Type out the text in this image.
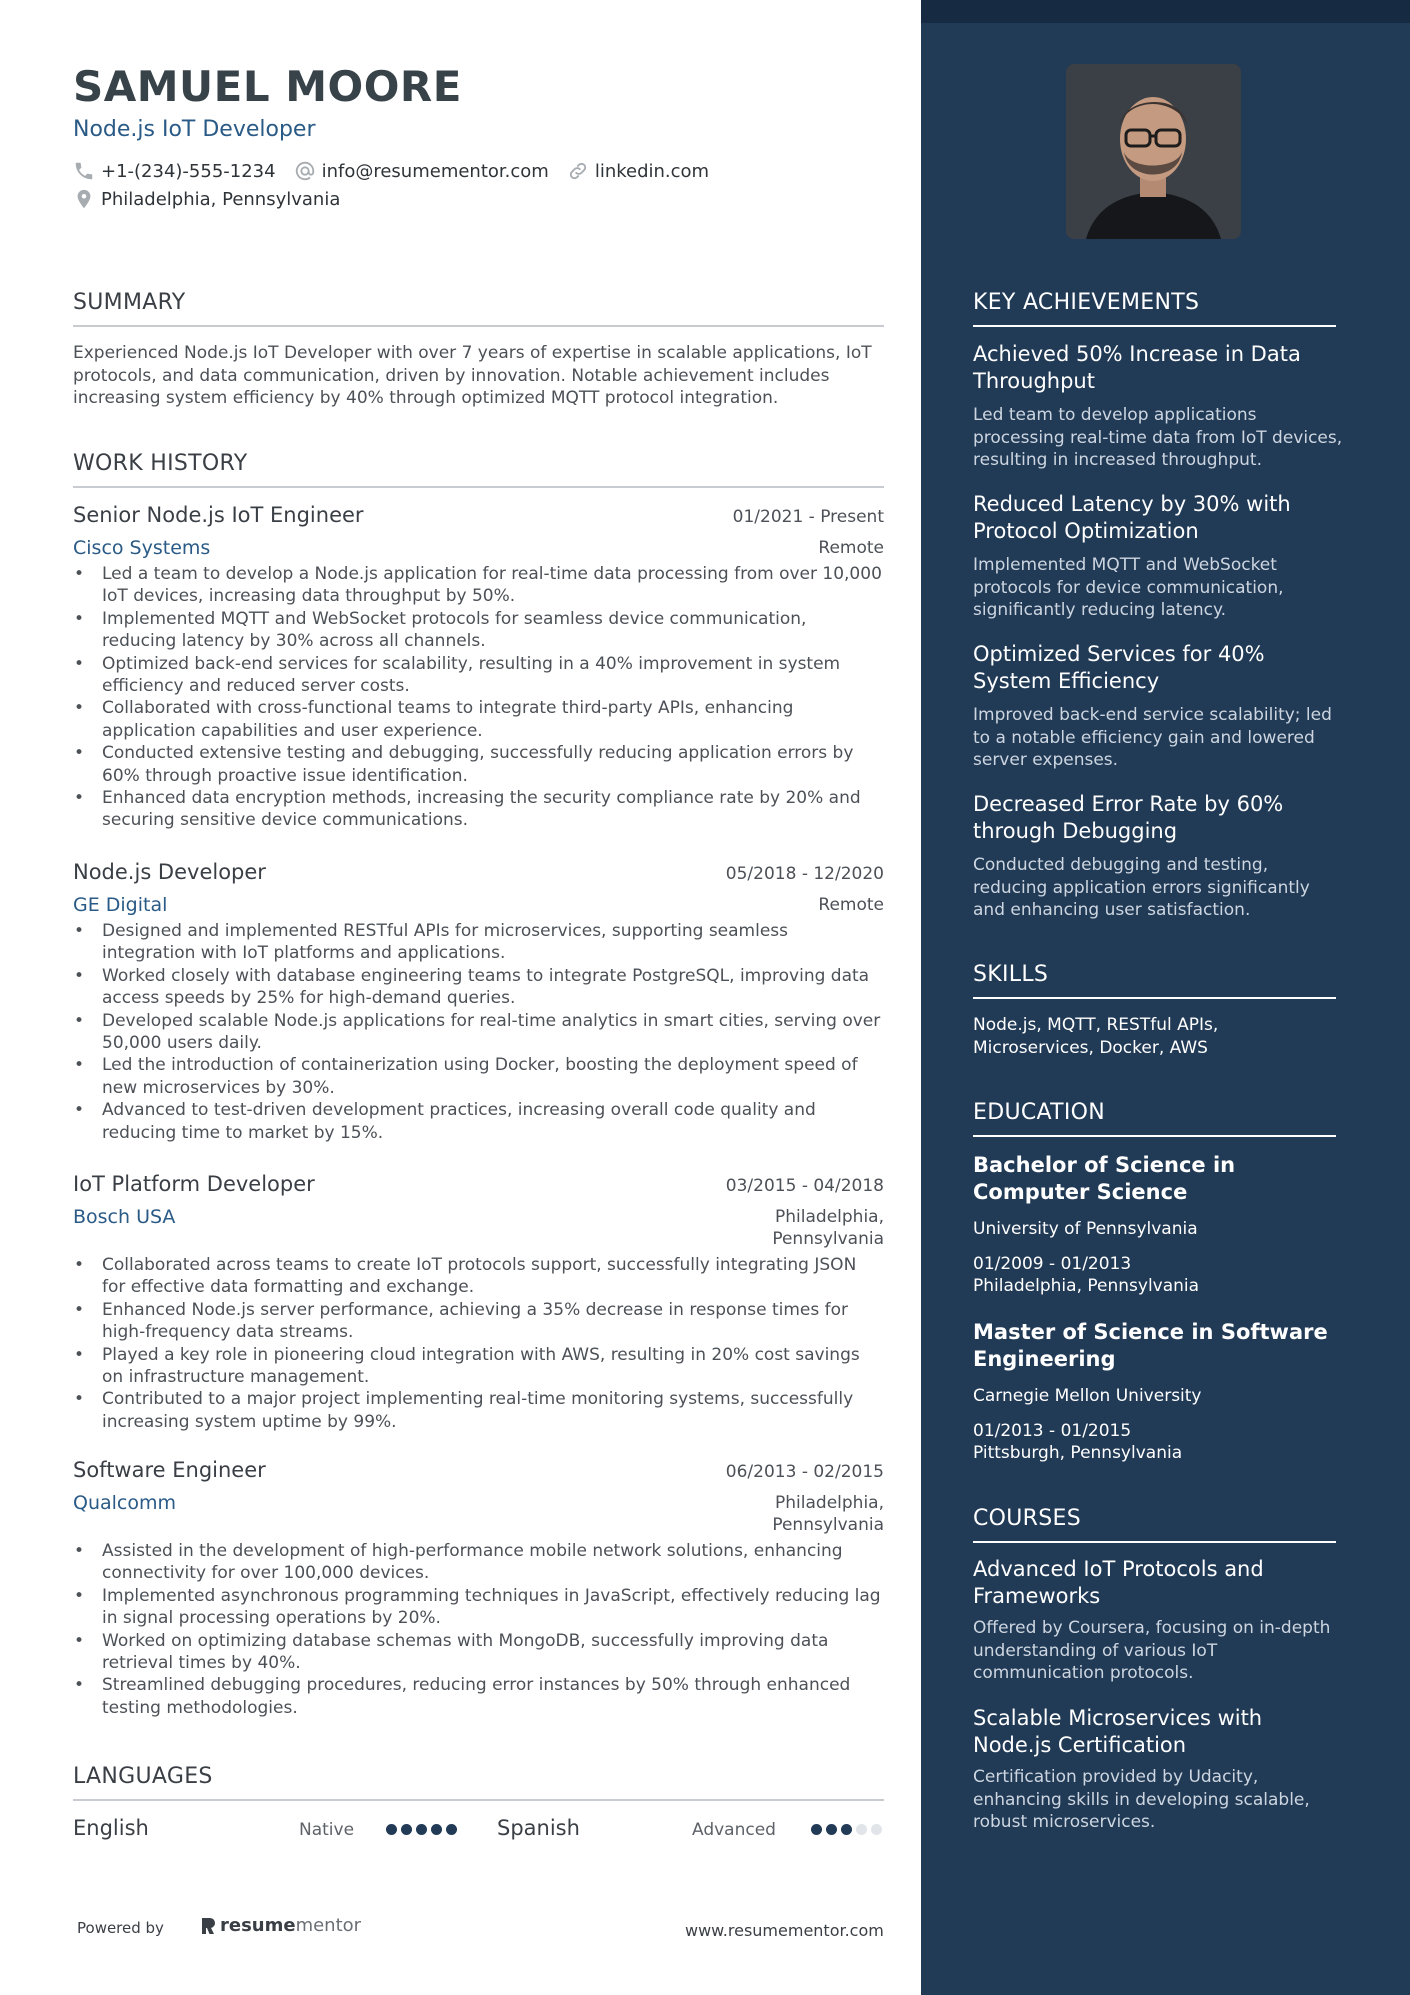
SAMUEL MOORE
Node.js IoT Developer
+1-(234)-555-1234	info@resumementor.com	linkedin.com
Philadelphia, Pennsylvania
SUMMARY
Experienced Node.js IoT Developer with over 7 years of expertise in scalable applications, IoT protocols, and data communication, driven by innovation. Notable achievement includes increasing system efficiency by 40% through optimized MQTT protocol integration.
WORK HISTORY
Senior Node.js IoT Engineer	01/2021 - Present
Cisco Systems	Remote
• Led a team to develop a Node.js application for real-time data processing from over 10,000 IoT devices, increasing data throughput by 50%.
• Implemented MQTT and WebSocket protocols for seamless device communication, reducing latency by 30% across all channels.
• Optimized back-end services for scalability, resulting in a 40% improvement in system efficiency and reduced server costs.
• Collaborated with cross-functional teams to integrate third-party APIs, enhancing application capabilities and user experience.
• Conducted extensive testing and debugging, successfully reducing application errors by 60% through proactive issue identification.
• Enhanced data encryption methods, increasing the security compliance rate by 20% and securing sensitive device communications.
Node.js Developer	05/2018 - 12/2020
GE Digital	Remote
• Designed and implemented RESTful APIs for microservices, supporting seamless integration with IoT platforms and applications.
• Worked closely with database engineering teams to integrate PostgreSQL, improving data access speeds by 25% for high-demand queries.
• Developed scalable Node.js applications for real-time analytics in smart cities, serving over 50,000 users daily.
• Led the introduction of containerization using Docker, boosting the deployment speed of new microservices by 30%.
• Advanced to test-driven development practices, increasing overall code quality and reducing time to market by 15%.
IoT Platform Developer	03/2015 - 04/2018
Bosch USA	Philadelphia,
Pennsylvania
• Collaborated across teams to create IoT protocols support, successfully integrating JSON for effective data formatting and exchange.
• Enhanced Node.js server performance, achieving a 35% decrease in response times for high-frequency data streams.
• Played a key role in pioneering cloud integration with AWS, resulting in 20% cost savings on infrastructure management.
• Contributed to a major project implementing real-time monitoring systems, successfully increasing system uptime by 99%.
Software Engineer	06/2013 - 02/2015
Qualcomm	Philadelphia,
Pennsylvania
• Assisted in the development of high-performance mobile network solutions, enhancing connectivity for over 100,000 devices.
• Implemented asynchronous programming techniques in JavaScript, effectively reducing lag in signal processing operations by 20%.
• Worked on optimizing database schemas with MongoDB, successfully improving data retrieval times by 40%.
• Streamlined debugging procedures, reducing error instances by 50% through enhanced testing methodologies.
LANGUAGES
English	Native	Spanish	Advanced
Powered by	resume mentor	www.resumementor.com
KEY ACHIEVEMENTS
Achieved 50% Increase in Data Throughput
Led team to develop applications processing real-time data from IoT devices, resulting in increased throughput.
Reduced Latency by 30% with Protocol Optimization
Implemented MQTT and WebSocket protocols for device communication, significantly reducing latency.
Optimized Services for 40% System Efficiency
Improved back-end service scalability; led to a notable efficiency gain and lowered server expenses.
Decreased Error Rate by 60% through Debugging
Conducted debugging and testing, reducing application errors significantly and enhancing user satisfaction.
SKILLS
Node.js, MQTT, RESTful APIs, Microservices, Docker, AWS
EDUCATION
Bachelor of Science in Computer Science
University of Pennsylvania
01/2009 - 01/2013
Philadelphia, Pennsylvania
Master of Science in Software Engineering
Carnegie Mellon University
01/2013 - 01/2015
Pittsburgh, Pennsylvania
COURSES
Advanced IoT Protocols and Frameworks
Offered by Coursera, focusing on in-depth understanding of various IoT communication protocols.
Scalable Microservices with Node.js Certification
Certification provided by Udacity, enhancing skills in developing scalable, robust microservices.
